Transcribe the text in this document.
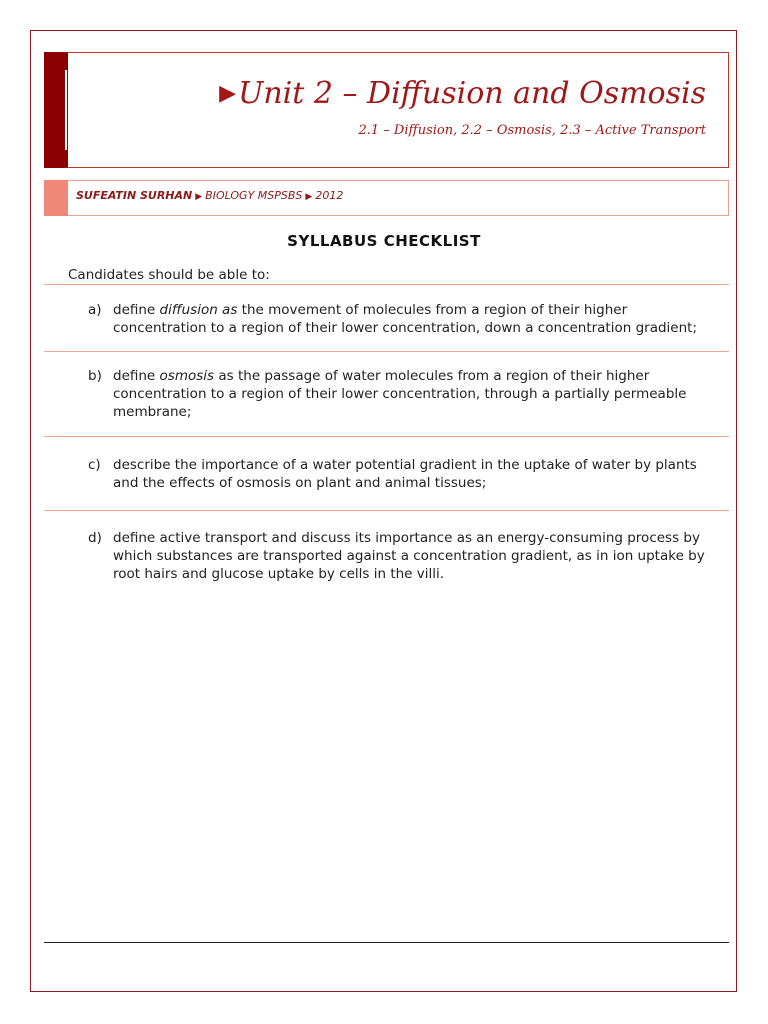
▶Unit 2 – Diffusion and Osmosis
2.1 – Diffusion, 2.2 – Osmosis, 2.3 – Active Transport
SUFEATIN SURHAN ▶ BIOLOGY MSPSBS ▶ 2012
SYLLABUS CHECKLIST
Candidates should be able to:
a) define diffusion as the movement of molecules from a region of their higher concentration to a region of their lower concentration, down a concentration gradient;
b) define osmosis as the passage of water molecules from a region of their higher concentration to a region of their lower concentration, through a partially permeable membrane;
c) describe the importance of a water potential gradient in the uptake of water by plants and the effects of osmosis on plant and animal tissues;
d) define active transport and discuss its importance as an energy-consuming process by which substances are transported against a concentration gradient, as in ion uptake by root hairs and glucose uptake by cells in the villi.
